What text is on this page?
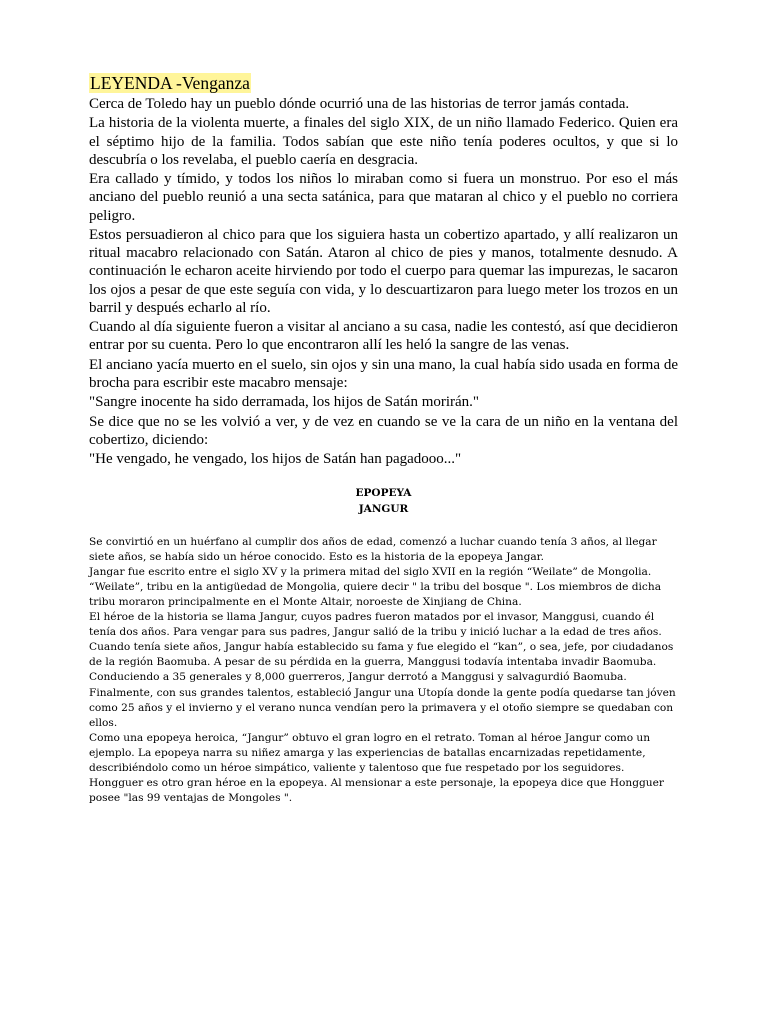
LEYENDA -Venganza

Cerca de Toledo hay un pueblo dónde ocurrió una de las historias de terror jamás contada.

La historia de la violenta muerte, a finales del siglo XIX, de un niño llamado Federico. Quien era el séptimo hijo de la familia. Todos sabían que este niño tenía poderes ocultos, y que si lo descubría o los revelaba, el pueblo caería en desgracia.

Era callado y tímido, y todos los niños lo miraban como si fuera un monstruo. Por eso el más anciano del pueblo reunió a una secta satánica, para que mataran al chico y el pueblo no corriera peligro.

Estos persuadieron al chico para que los siguiera hasta un cobertizo apartado, y allí realizaron un ritual macabro relacionado con Satán. Ataron al chico de pies y manos, totalmente desnudo. A continuación le echaron aceite hirviendo por todo el cuerpo para quemar las impurezas, le sacaron los ojos a pesar de que este seguía con vida, y lo descuartizaron para luego meter los trozos en un barril y después echarlo al río.

Cuando al día siguiente fueron a visitar al anciano a su casa, nadie les contestó, así que decidieron entrar por su cuenta. Pero lo que encontraron allí les heló la sangre de las venas.

El anciano yacía muerto en el suelo, sin ojos y sin una mano, la cual había sido usada en forma de brocha para escribir este macabro mensaje:

"Sangre inocente ha sido derramada, los hijos de Satán morirán."

Se dice que no se les volvió a ver, y de vez en cuando se ve la cara de un niño en la ventana del cobertizo, diciendo:

"He vengado, he vengado, los hijos de Satán han pagadooo..."

EPOPEYA
JANGUR

Se convirtió en un huérfano al cumplir dos años de edad, comenzó a luchar cuando tenía 3 años, al llegar siete años, se había sido un héroe conocido. Esto es la historia de la epopeya Jangar.

Jangar fue escrito entre el siglo XV y la primera mitad del siglo XVII en la región “Weilate” de Mongolia. “Weilate”, tribu en la antigüedad de Mongolia, quiere decir " la tribu del bosque ". Los miembros de dicha tribu moraron principalmente en el Monte Altair, noroeste de Xinjiang de China.

El héroe de la historia se llama Jangur, cuyos padres fueron matados por el invasor, Manggusi, cuando él tenía dos años. Para vengar para sus padres, Jangur salió de la tribu y inició luchar a la edad de tres años. Cuando tenía siete años, Jangur había establecido su fama y fue elegido el “kan”, o sea, jefe, por ciudadanos de la región Baomuba. A pesar de su pérdida en la guerra, Manggusi todavía intentaba invadir Baomuba. Conduciendo a 35 generales y 8,000 guerreros, Jangur derrotó a Manggusi y salvagurdió Baomuba. Finalmente, con sus grandes talentos, estableció Jangur una Utopía donde la gente podía quedarse tan jóven como 25 años y el invierno y el verano nunca vendían pero la primavera y el otoño siempre se quedaban con ellos.

Como una epopeya heroica, “Jangur” obtuvo el gran logro en el retrato. Toman al héroe Jangur como un ejemplo. La epopeya narra su niñez amarga y las experiencias de batallas encarnizadas repetidamente, describiéndolo como un héroe simpático, valiente y talentoso que fue respetado por los seguidores. Hongguer es otro gran héroe en la epopeya. Al mensionar a este personaje, la epopeya dice que Hongguer posee "las 99 ventajas de Mongoles ".
